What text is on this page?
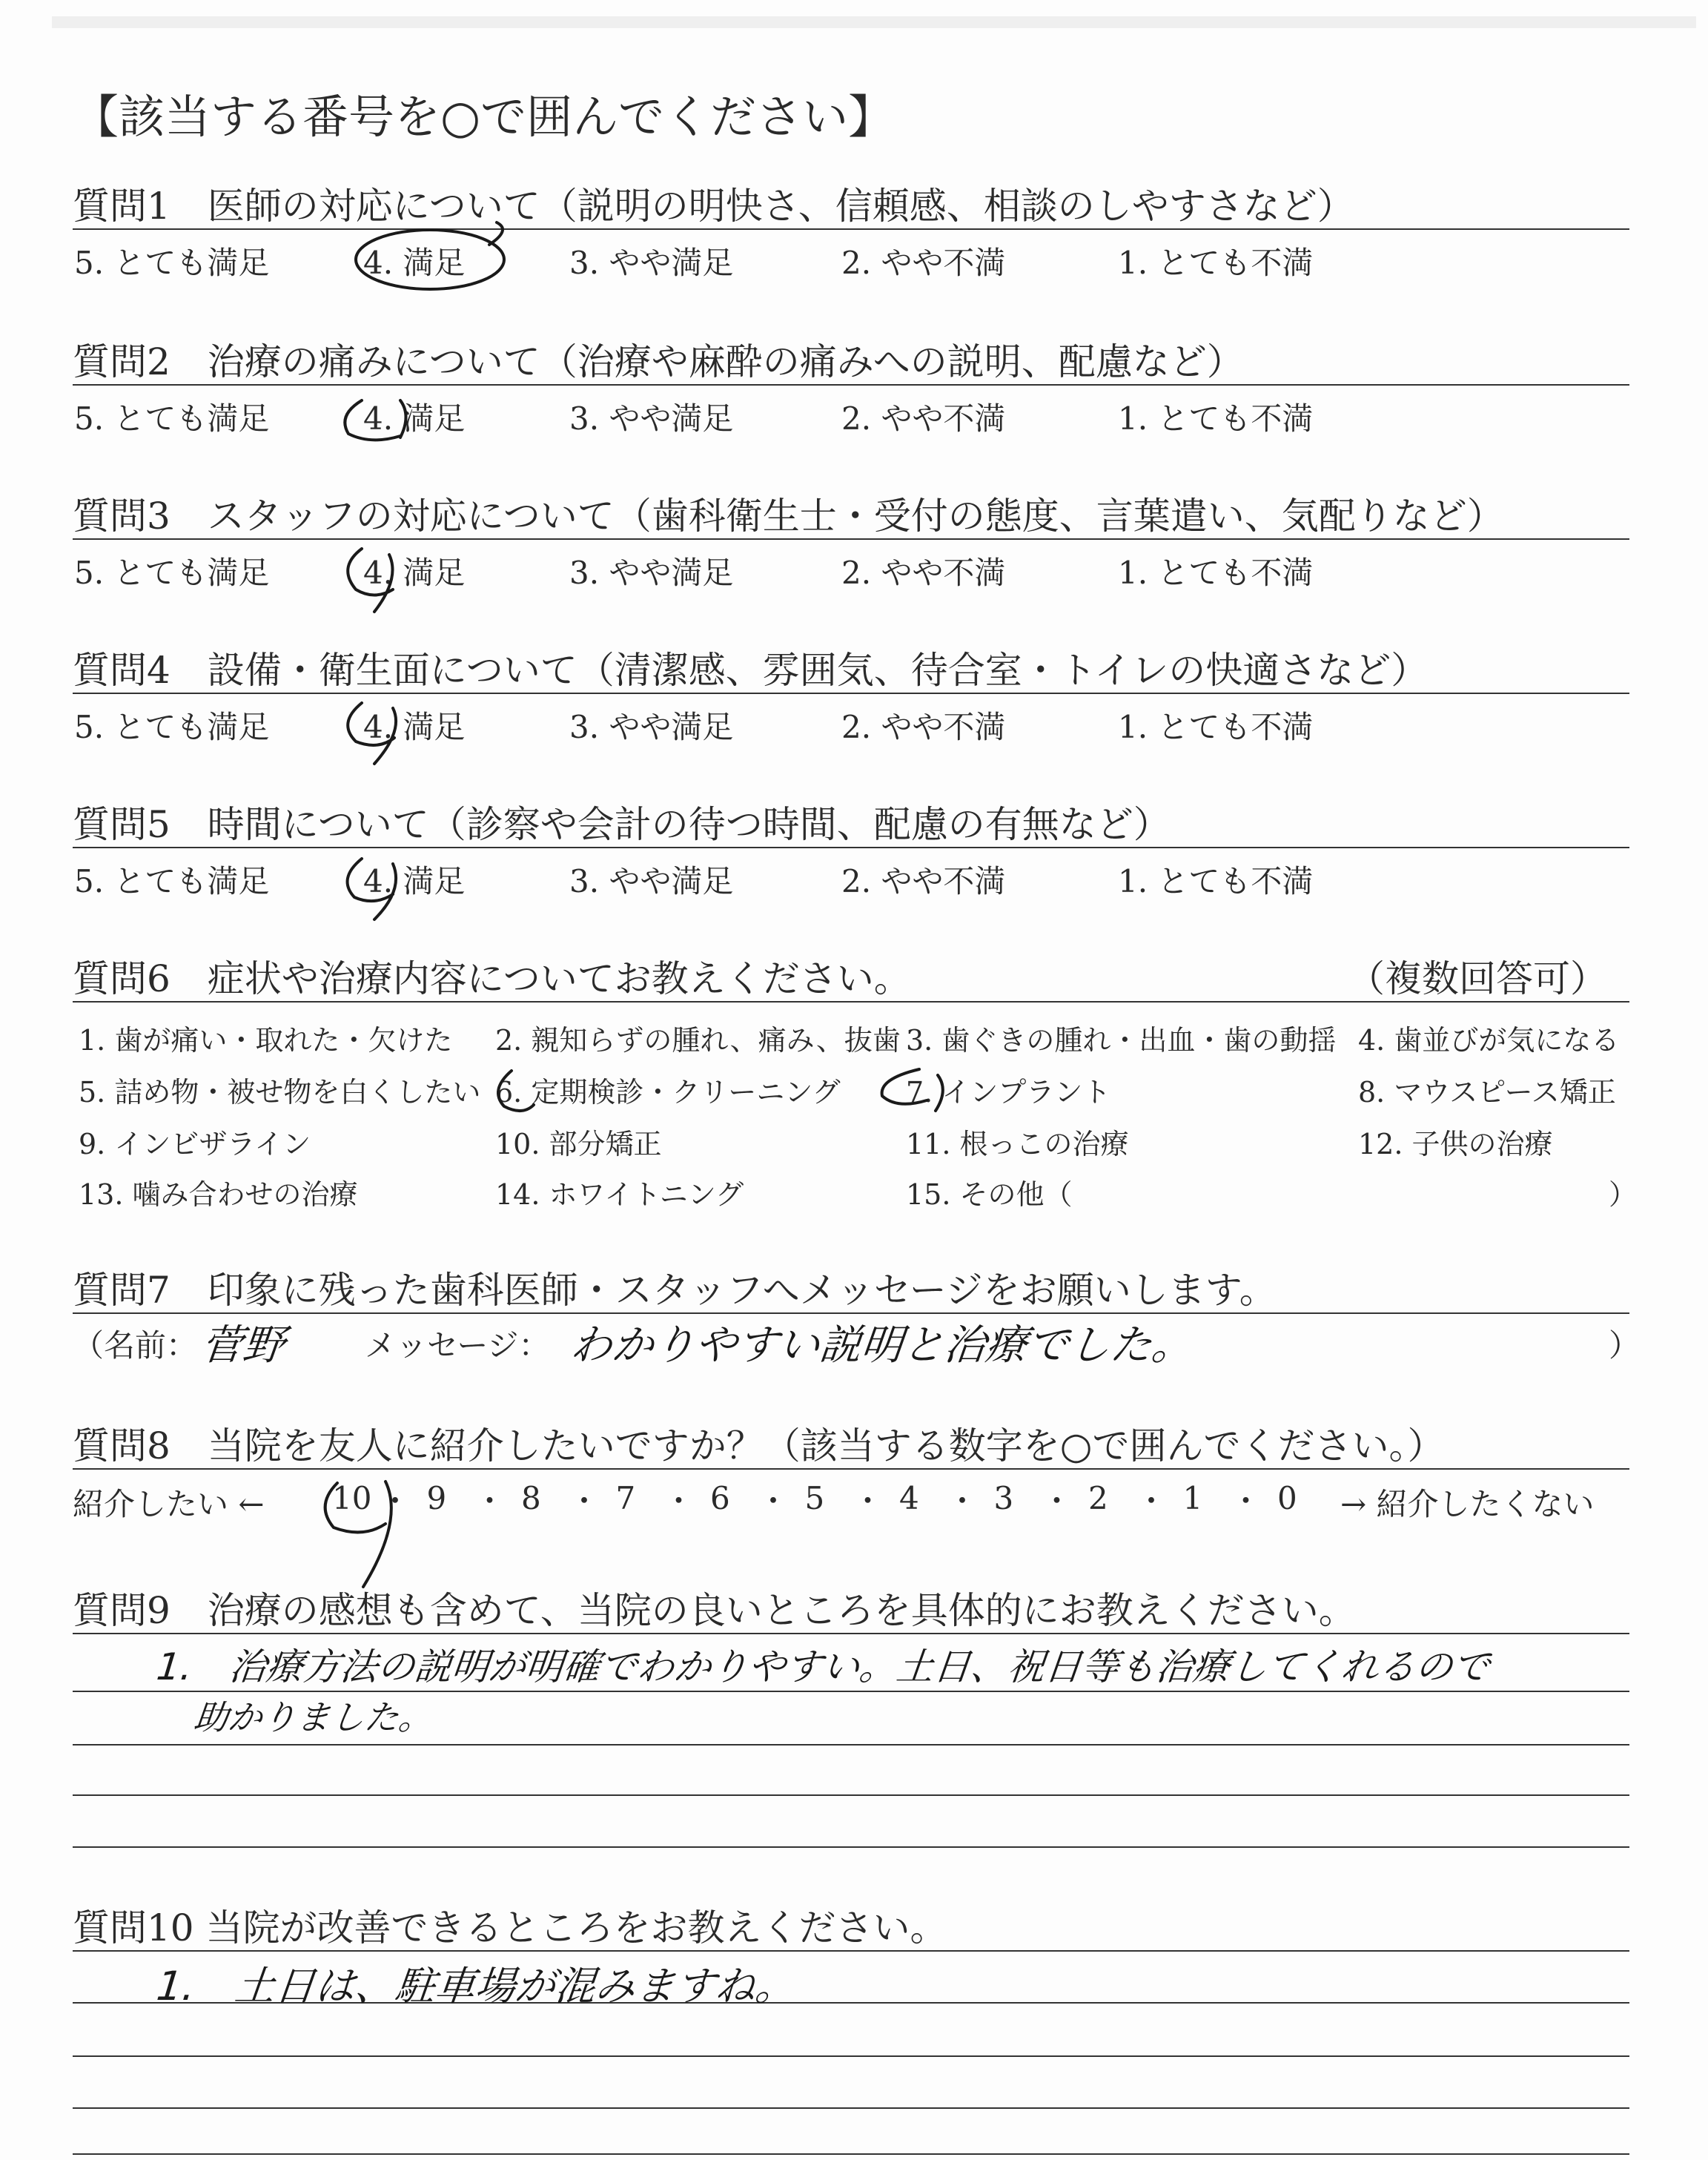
【該当する番号を○で囲んでください】
質問1　医師の対応について（説明の明快さ、信頼感、相談のしやすさなど）
5. とても満足	4. 満足	3. やや満足	2. やや不満	1. とても不満
質問2　治療の痛みについて（治療や麻酔の痛みへの説明、配慮など）
5. とても満足	4. 満足	3. やや満足	2. やや不満	1. とても不満
質問3　スタッフの対応について（歯科衛生士・受付の態度、言葉遣い、気配りなど）
5. とても満足	4. 満足	3. やや満足	2. やや不満	1. とても不満
質問4　設備・衛生面について（清潔感、雰囲気、待合室・トイレの快適さなど）
5. とても満足	4. 満足	3. やや満足	2. やや不満	1. とても不満
質問5　時間について（診察や会計の待つ時間、配慮の有無など）
5. とても満足	4. 満足	3. やや満足	2. やや不満	1. とても不満
質問6　症状や治療内容についてお教えください。	（複数回答可）
1. 歯が痛い・取れた・欠けた 2. 親知らずの腫れ、痛み、抜歯 3. 歯ぐきの腫れ・出血・歯の動揺 4. 歯並びが気になる
5. 詰め物・被せ物を白くしたい 6. 定期検診・クリーニング 7. インプラント	8. マウスピース矯正
9. インビザライン	10. 部分矯正	11. 根っこの治療	12. 子供の治療
13. 噛み合わせの治療	14. ホワイトニング	15. その他（	）
質問7　印象に残った歯科医師・スタッフへメッセージをお願いします。
（名前： 菅野	メッセージ： わかりやすい説明と治療でした。	）
質問8　当院を友人に紹介したいですか？（該当する数字を○で囲んでください。）
紹介したい ← 10 ・ 9 ・ 8 ・ 7 ・ 6 ・ 5 ・ 4 ・ 3 ・ 2 ・ 1 ・ 0 → 紹介したくない
質問9　治療の感想も含めて、当院の良いところを具体的にお教えください。
1.　治療方法の説明が明確でわかりやすい。土日、祝日等も治療してくれるので
助かりました。
質問10 当院が改善できるところをお教えください。
1.　土日は、駐車場が混みますね。
